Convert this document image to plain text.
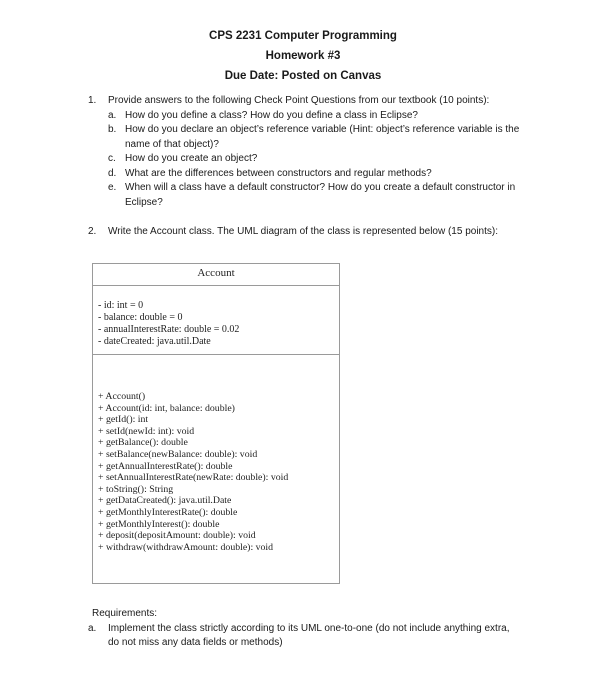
CPS 2231 Computer Programming
Homework #3
Due Date: Posted on Canvas
1.	Provide answers to the following Check Point Questions from our textbook (10 points):
a. How do you define a class? How do you define a class in Eclipse?
b. How do you declare an object’s reference variable (Hint: object’s reference variable is the name of that object)?
c. How do you create an object?
d. What are the differences between constructors and regular methods?
e. When will a class have a default constructor? How do you create a default constructor in Eclipse?
2.	Write the Account class. The UML diagram of the class is represented below (15 points):
Account
- id: int = 0
- balance: double = 0
- annualInterestRate: double = 0.02
- dateCreated: java.util.Date
+ Account()
+ Account(id: int, balance: double)
+ getId(): int
+ setId(newId: int): void
+ getBalance(): double
+ setBalance(newBalance: double): void
+ getAnnualInterestRate(): double
+ setAnnualInterestRate(newRate: double): void
+ toString(): String
+ getDataCreated(): java.util.Date
+ getMonthlyInterestRate(): double
+ getMonthlyInterest(): double
+ deposit(depositAmount: double): void
+ withdraw(withdrawAmount: double): void
Requirements:
a.	Implement the class strictly according to its UML one-to-one (do not include anything extra, do not miss any data fields or methods)
